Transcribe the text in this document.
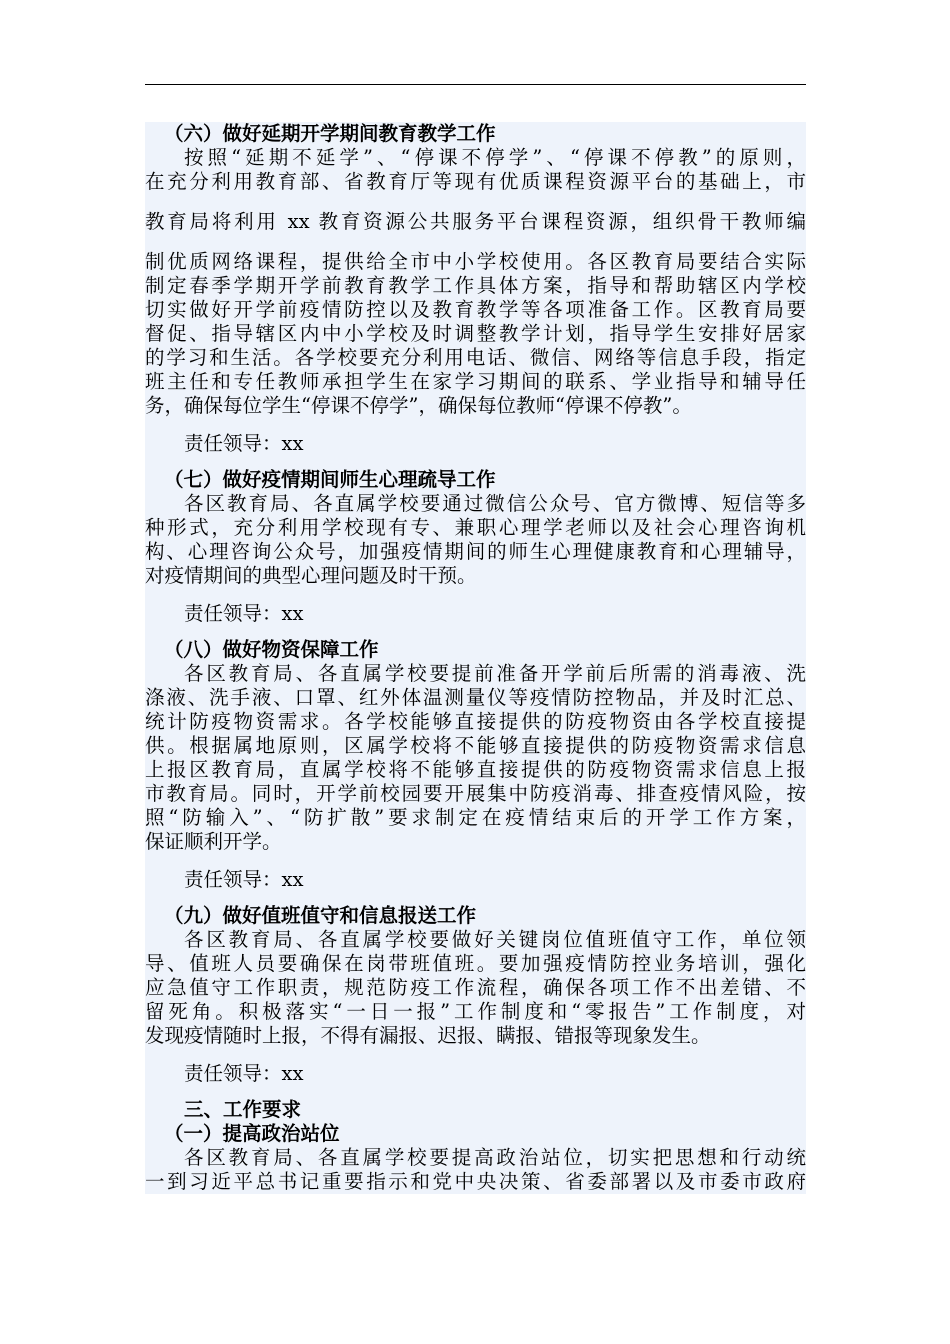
（六）做好延期开学期间教育教学工作
按照“延期不延学”、“停课不停学”、“停课不停教”的原则，
在充分利用教育部、省教育厅等现有优质课程资源平台的基础上，市
教育局将利用 xx 教育资源公共服务平台课程资源，组织骨干教师编
制优质网络课程，提供给全市中小学校使用。各区教育局要结合实际
制定春季学期开学前教育教学工作具体方案，指导和帮助辖区内学校
切实做好开学前疫情防控以及教育教学等各项准备工作。区教育局要
督促、指导辖区内中小学校及时调整教学计划，指导学生安排好居家
的学习和生活。各学校要充分利用电话、微信、网络等信息手段，指定
班主任和专任教师承担学生在家学习期间的联系、学业指导和辅导任
务，确保每位学生“停课不停学”，确保每位教师“停课不停教”。
责任领导：xx
（七）做好疫情期间师生心理疏导工作
各区教育局、各直属学校要通过微信公众号、官方微博、短信等多
种形式，充分利用学校现有专、兼职心理学老师以及社会心理咨询机
构、心理咨询公众号，加强疫情期间的师生心理健康教育和心理辅导，
对疫情期间的典型心理问题及时干预。
责任领导：xx
（八）做好物资保障工作
各区教育局、各直属学校要提前准备开学前后所需的消毒液、洗
涤液、洗手液、口罩、红外体温测量仪等疫情防控物品，并及时汇总、
统计防疫物资需求。各学校能够直接提供的防疫物资由各学校直接提
供。根据属地原则，区属学校将不能够直接提供的防疫物资需求信息
上报区教育局，直属学校将不能够直接提供的防疫物资需求信息上报
市教育局。同时，开学前校园要开展集中防疫消毒、排查疫情风险，按
照“防输入”、“防扩散”要求制定在疫情结束后的开学工作方案，
保证顺利开学。
责任领导：xx
（九）做好值班值守和信息报送工作
各区教育局、各直属学校要做好关键岗位值班值守工作，单位领
导、值班人员要确保在岗带班值班。要加强疫情防控业务培训，强化
应急值守工作职责，规范防疫工作流程，确保各项工作不出差错、不
留死角。积极落实“一日一报”工作制度和“零报告”工作制度，对
发现疫情随时上报，不得有漏报、迟报、瞒报、错报等现象发生。
责任领导：xx
三、工作要求
（一）提高政治站位
各区教育局、各直属学校要提高政治站位，切实把思想和行动统
一到习近平总书记重要指示和党中央决策、省委部署以及市委市政府
